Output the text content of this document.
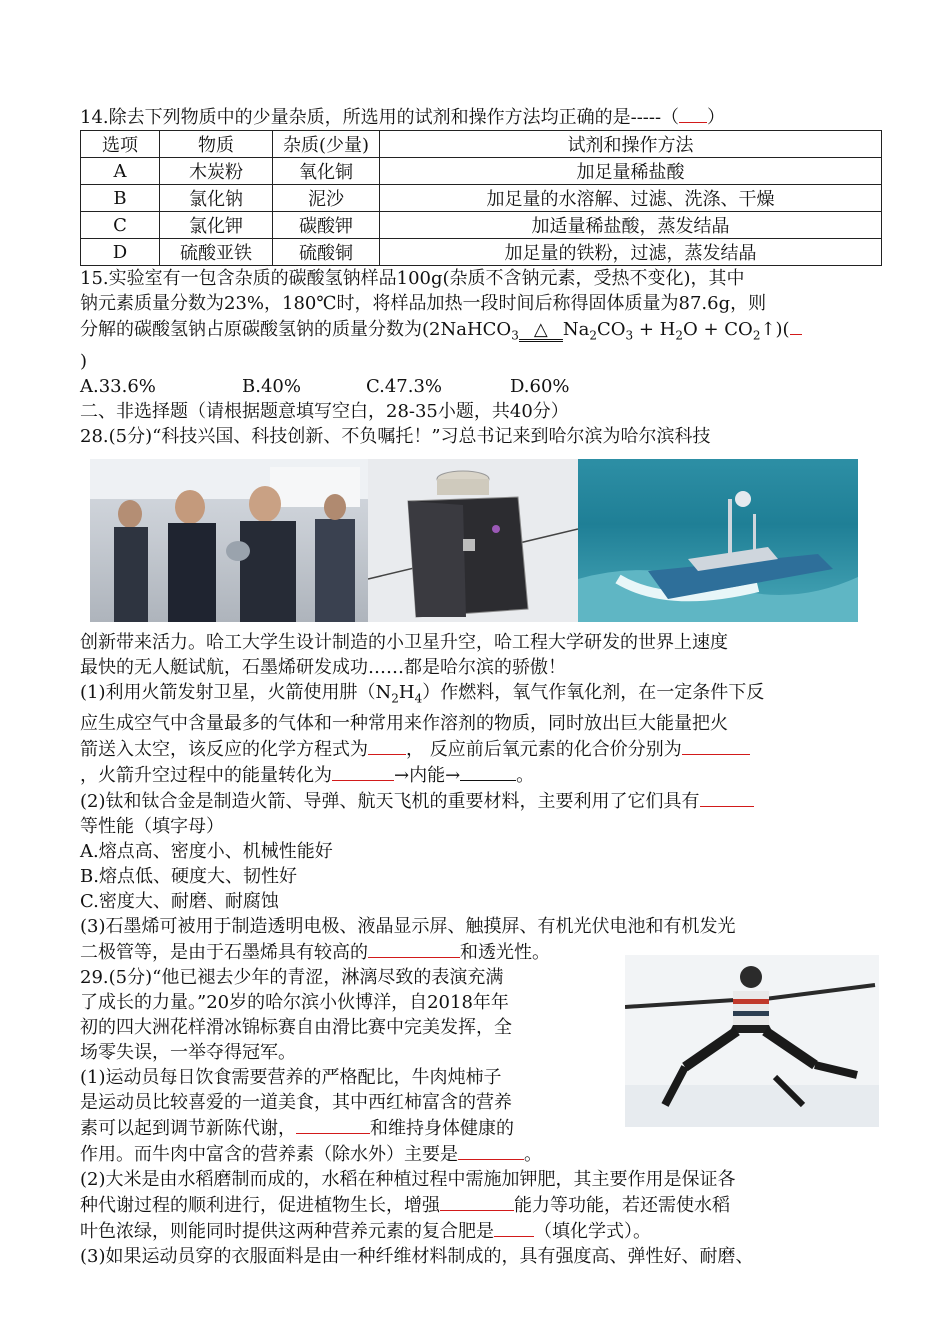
14.除去下列物质中的少量杂质，所选用的试剂和操作方法均正确的是-----（ ）

选项	物质	杂质(少量)	试剂和操作方法
A	木炭粉	氧化铜	加足量稀盐酸
B	氯化钠	泥沙	加足量的水溶解、过滤、洗涤、干燥
C	氯化钾	碳酸钾	加适量稀盐酸，蒸发结晶
D	硫酸亚铁	硫酸铜	加足量的铁粉，过滤，蒸发结晶

15.实验室有一包含杂质的碳酸氢钠样品100g(杂质不含钠元素，受热不变化)，其中

钠元素质量分数为23%，180℃时，将样品加热一段时间后称得固体质量为87.6g，则

分解的碳酸氢钠占原碳酸氢钠的质量分数为(2NaHCO$_3$ △ $Na_2CO_3 + H_2O$ + $CO_2↑$)(

)

A.33.6%	B.40%	C.47.3%	D.60%

二、非选择题（请根据题意填写空白，28-35小题，共40分）

28.(5分)“科技兴国、科技创新、不负嘱托！”习总书记来到哈尔滨为哈尔滨科技

创新带来活力。哈工大学生设计制造的小卫星升空，哈工程大学研发的世界上速度

最快的无人艇试航，石墨烯研发成功……都是哈尔滨的骄傲！

(1)利用火箭发射卫星，火箭使用肼$(N_2H_4)$作燃料，氧气作氧化剂，在一定条件下反

应生成空气中含量最多的气体和一种常用来作溶剂的物质，同时放出巨大能量把火

箭送入太空，该反应的化学方程式为 ， 反应前后氧元素的化合价分别为

，火箭升空过程中的能量转化为	→内能→	。

(2)钛和钛合金是制造火箭、导弹、航天飞机的重要材料，主要利用了它们具有

等性能（填字母）

A.熔点高、密度小、机械性能好

B.熔点低、硬度大、韧性好

C.密度大、耐磨、耐腐蚀

(3)石墨烯可被用于制造透明电极、液晶显示屏、触摸屏、有机光伏电池和有机发光

二极管等，是由于石墨烯具有较高的	和透光性。

29.(5分)“他已褪去少年的青涩，淋漓尽致的表演充满

了成长的力量。”20岁的哈尔滨小伙博洋，自2018年年

初的四大洲花样滑冰锦标赛自由滑比赛中完美发挥，全

场零失误，一举夺得冠军。

(1)运动员每日饮食需要营养的严格配比，牛肉炖柿子

是运动员比较喜爱的一道美食，其中西红柿富含的营养

素可以起到调节新陈代谢，	和维持身体健康的

作用。而牛肉中富含的营养素（除水外）主要是	。

(2)大米是由水稻磨制而成的，水稻在种植过程中需施加钾肥，其主要作用是保证各

种代谢过程的顺利进行，促进植物生长，增强	能力等功能，若还需使水稻

叶色浓绿，则能同时提供这两种营养元素的复合肥是 （填化学式）。

(3)如果运动员穿的衣服面料是由一种纤维材料制成的，具有强度高、弹性好、耐磨、
